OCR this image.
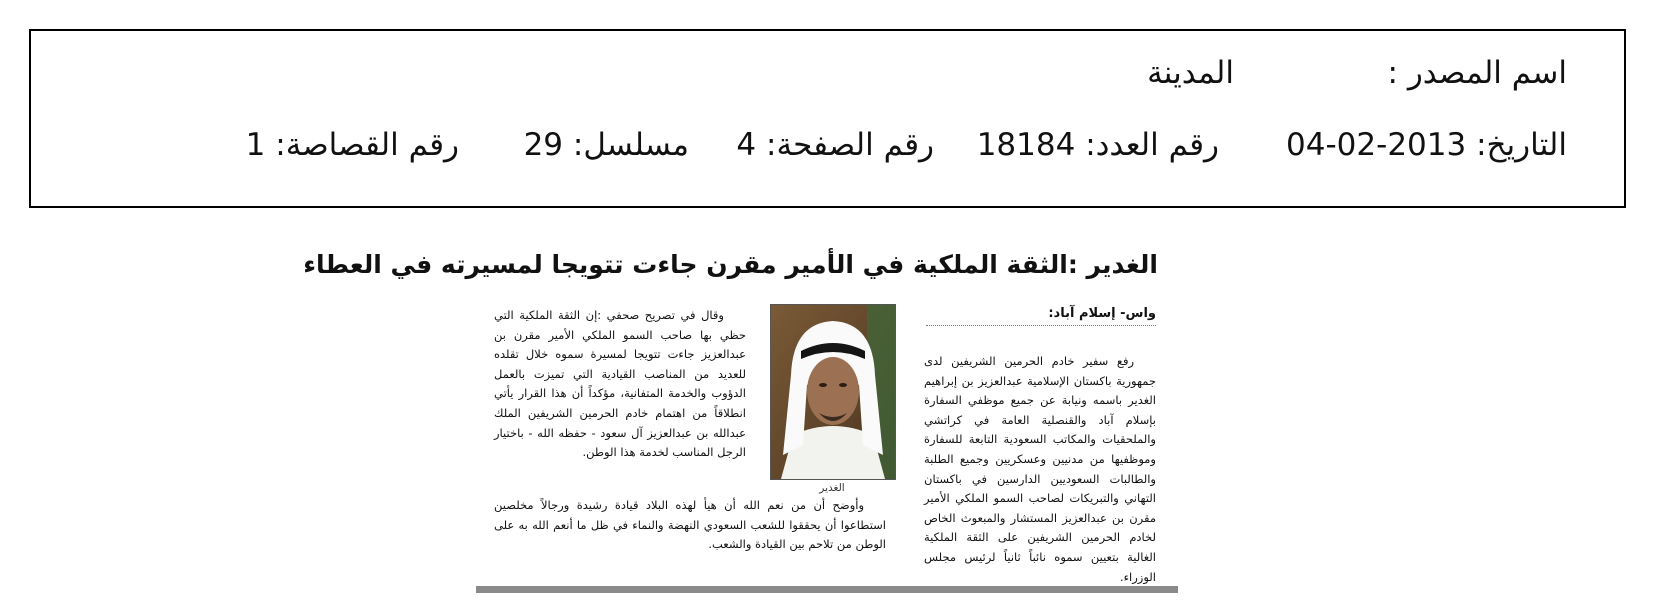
اسم المصدر :
المدينة
التاريخ: 2013-02-04
رقم العدد: 18184
رقم الصفحة: 4
مسلسل: 29
رقم القصاصة: 1
الغدير :الثقة الملكية في الأمير مقرن جاءت تتويجا لمسيرته في العطاء
واس- إسلام آباد:

رفع سفير خادم الحرمين الشريفين لدى جمهورية باكستان الإسلامية عبدالعزيز بن إبراهيم الغدير باسمه ونيابة عن جميع موظفي السفارة بإسلام آباد والقنصلية العامة في كراتشي والملحقيات والمكاتب السعودية التابعة للسفارة وموظفيها من مدنيين وعسكريين وجميع الطلبة والطالبات السعوديين الدارسين في باكستان التهاني والتبريكات لصاحب السمو الملكي الأمير مقرن بن عبدالعزيز المستشار والمبعوث الخاص لخادم الحرمين الشريفين على الثقة الملكية الغالية بتعيين سموه نائباً ثانياً لرئيس مجلس الوزراء.

الغدير

وقال في تصريح صحفي :إن الثقة الملكية التي حظي بها صاحب السمو الملكي الأمير مقرن بن عبدالعزيز جاءت تتويجا لمسيرة سموه خلال تقلده للعديد من المناصب القيادية التي تميزت بالعمل الدؤوب والخدمة المتفانية، مؤكداً أن هذا القرار يأتي انطلاقاً من اهتمام خادم الحرمين الشريفين الملك عبدالله بن عبدالعزيز آل سعود - حفظه الله - باختيار الرجل المناسب لخدمة هذا الوطن.

وأوضح أن من نعم الله أن هيأ لهذه البلاد قيادة رشيدة ورجالاً مخلصين استطاعوا أن يحققوا للشعب السعودي النهضة والنماء في ظل ما أنعم الله به على الوطن من تلاحم بين القيادة والشعب.
